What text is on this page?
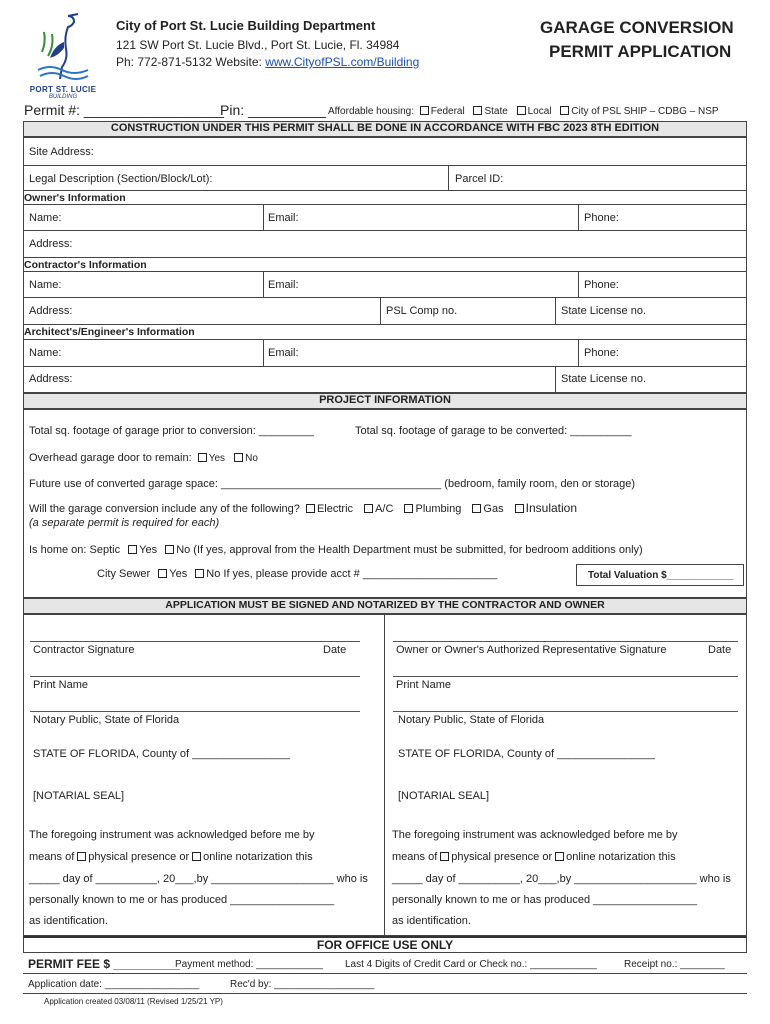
PORT ST. LUCIE
BUILDING
City of Port St. Lucie Building Department
121 SW Port St. Lucie Blvd., Port St. Lucie, Fl. 34984
Ph: 772-871-5132 Website: www.CityofPSL.com/Building
GARAGE CONVERSION
PERMIT APPLICATION
Permit #: __________________
Pin: __________ Affordable housing: Federal State Local City of PSL SHIP – CDBG – NSP
CONSTRUCTION UNDER THIS PERMIT SHALL BE DONE IN ACCORDANCE WITH FBC 2023 8TH EDITION
Site Address:
Legal Description (Section/Block/Lot):	Parcel ID:
Owner's Information
Name:	Email:	Phone:
Address:
Contractor's Information
Name:	Email:	Phone:
Address:	PSL Comp no.	State License no.
Architect's/Engineer's Information
Name:	Email:	Phone:
Address:	State License no.
PROJECT INFORMATION
Total sq. footage of garage prior to conversion: _________	Total sq. footage of garage to be converted: __________
Overhead garage door to remain: Yes No
Future use of converted garage space: ____________________________________ (bedroom, family room, den or storage)
Will the garage conversion include any of the following? Electric A/C Plumbing Gas Insulation
(a separate permit is required for each)
Is home on: Septic Yes No (If yes, approval from the Health Department must be submitted, for bedroom additions only)
City Sewer Yes No If yes, please provide acct # ______________________	Total Valuation $____________
APPLICATION MUST BE SIGNED AND NOTARIZED BY THE CONTRACTOR AND OWNER
Contractor Signature	Date
Print Name
Notary Public, State of Florida
STATE OF FLORIDA, County of ________________
[NOTARIAL SEAL]
The foregoing instrument was acknowledged before me by
means of physical presence or online notarization this
_____ day of __________, 20___,by ____________________ who is
personally known to me or has produced _________________
as identification.
Owner or Owner's Authorized Representative Signature	Date
Print Name
Notary Public, State of Florida
STATE OF FLORIDA, County of ________________
[NOTARIAL SEAL]
The foregoing instrument was acknowledged before me by
means of physical presence or online notarization this
_____ day of __________, 20___,by ____________________ who is
personally known to me or has produced _________________
as identification.
FOR OFFICE USE ONLY
PERMIT FEE $ __________
Payment method: ____________ Last 4 Digits of Credit Card or Check no.: ____________	Receipt no.: ________
Application date: _________________	Rec'd by: __________________
Application created 03/08/11 (Revised 1/25/21 YP)
